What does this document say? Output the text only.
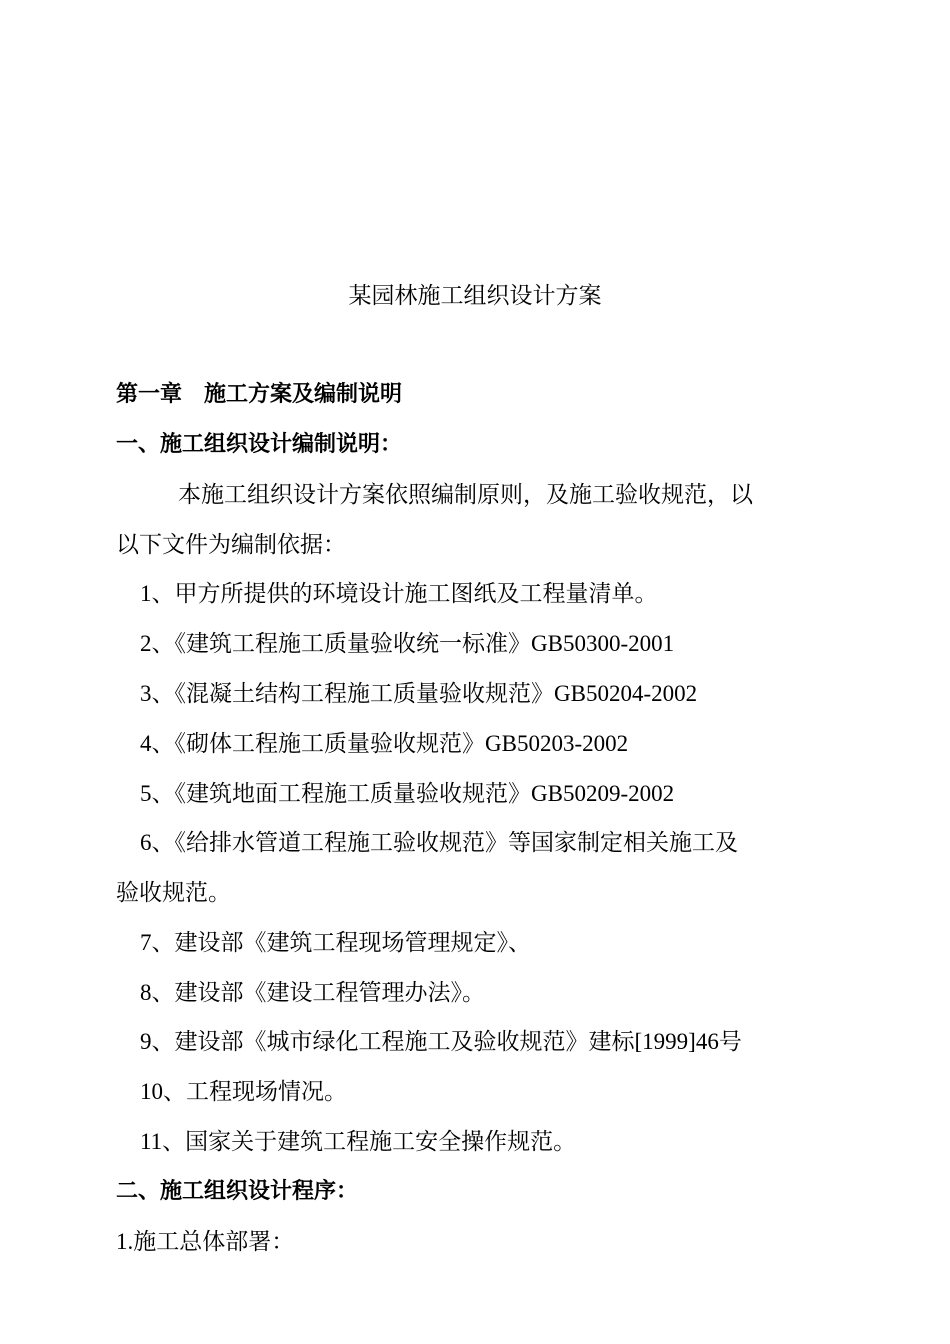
某园林施工组织设计方案
第一章　施工方案及编制说明
一、施工组织设计编制说明：
本施工组织设计方案依照编制原则，及施工验收规范，以
以下文件为编制依据：
1、甲方所提供的环境设计施工图纸及工程量清单。
2、《建筑工程施工质量验收统一标准》GB50300-2001
3、《混凝土结构工程施工质量验收规范》GB50204-2002
4、《砌体工程施工质量验收规范》GB50203-2002
5、《建筑地面工程施工质量验收规范》GB50209-2002
6、《给排水管道工程施工验收规范》等国家制定相关施工及
验收规范。
7、建设部《建筑工程现场管理规定》、
8、建设部《建设工程管理办法》。
9、建设部《城市绿化工程施工及验收规范》建标[1999]46号
10、工程现场情况。
11、国家关于建筑工程施工安全操作规范。
二、施工组织设计程序：
1.施工总体部署：
